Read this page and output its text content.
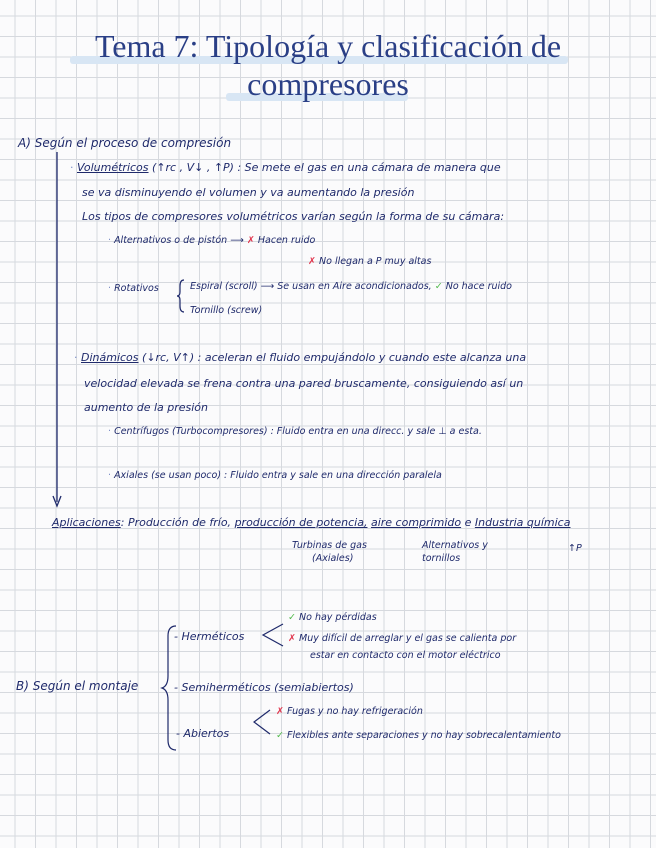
Tema 7: Tipología y clasificación de
compresores
A) Según el proceso de compresión
· Volumétricos (↑rc , V↓ , ↑P) : Se mete el gas en una cámara de manera que
se va disminuyendo el volumen y va aumentando la presión
Los tipos de compresores volumétricos varían según la forma de su cámara:
· Alternativos o de pistón ⟶ ✗ Hacen ruido
✗ No llegan a P muy altas
· Rotativos	Espiral (scroll) ⟶ Se usan en Aire acondicionados, ✓ No hace ruido
Tornillo (screw)
· Dinámicos (↓rc, V↑) : aceleran el fluido empujándolo y cuando este alcanza una
velocidad elevada se frena contra una pared bruscamente, consiguiendo así un
aumento de la presión
· Centrífugos (Turbocompresores) : Fluido entra en una direcc. y sale ⊥ a esta.
· Axiales (se usan poco) : Fluido entra y sale en una dirección paralela
Aplicaciones: Producción de frío, producción de potencia, aire comprimido e Industria química
Turbinas de gas
(Axiales)
Alternativos y
tornillos
↑P
B) Según el montaje
- Herméticos
✓ No hay pérdidas
✗ Muy difícil de arreglar y el gas se calienta por
estar en contacto con el motor eléctrico
- Semiherméticos (semiabiertos)
- Abiertos
✗ Fugas y no hay refrigeración
✓ Flexibles ante separaciones y no hay sobrecalentamiento
